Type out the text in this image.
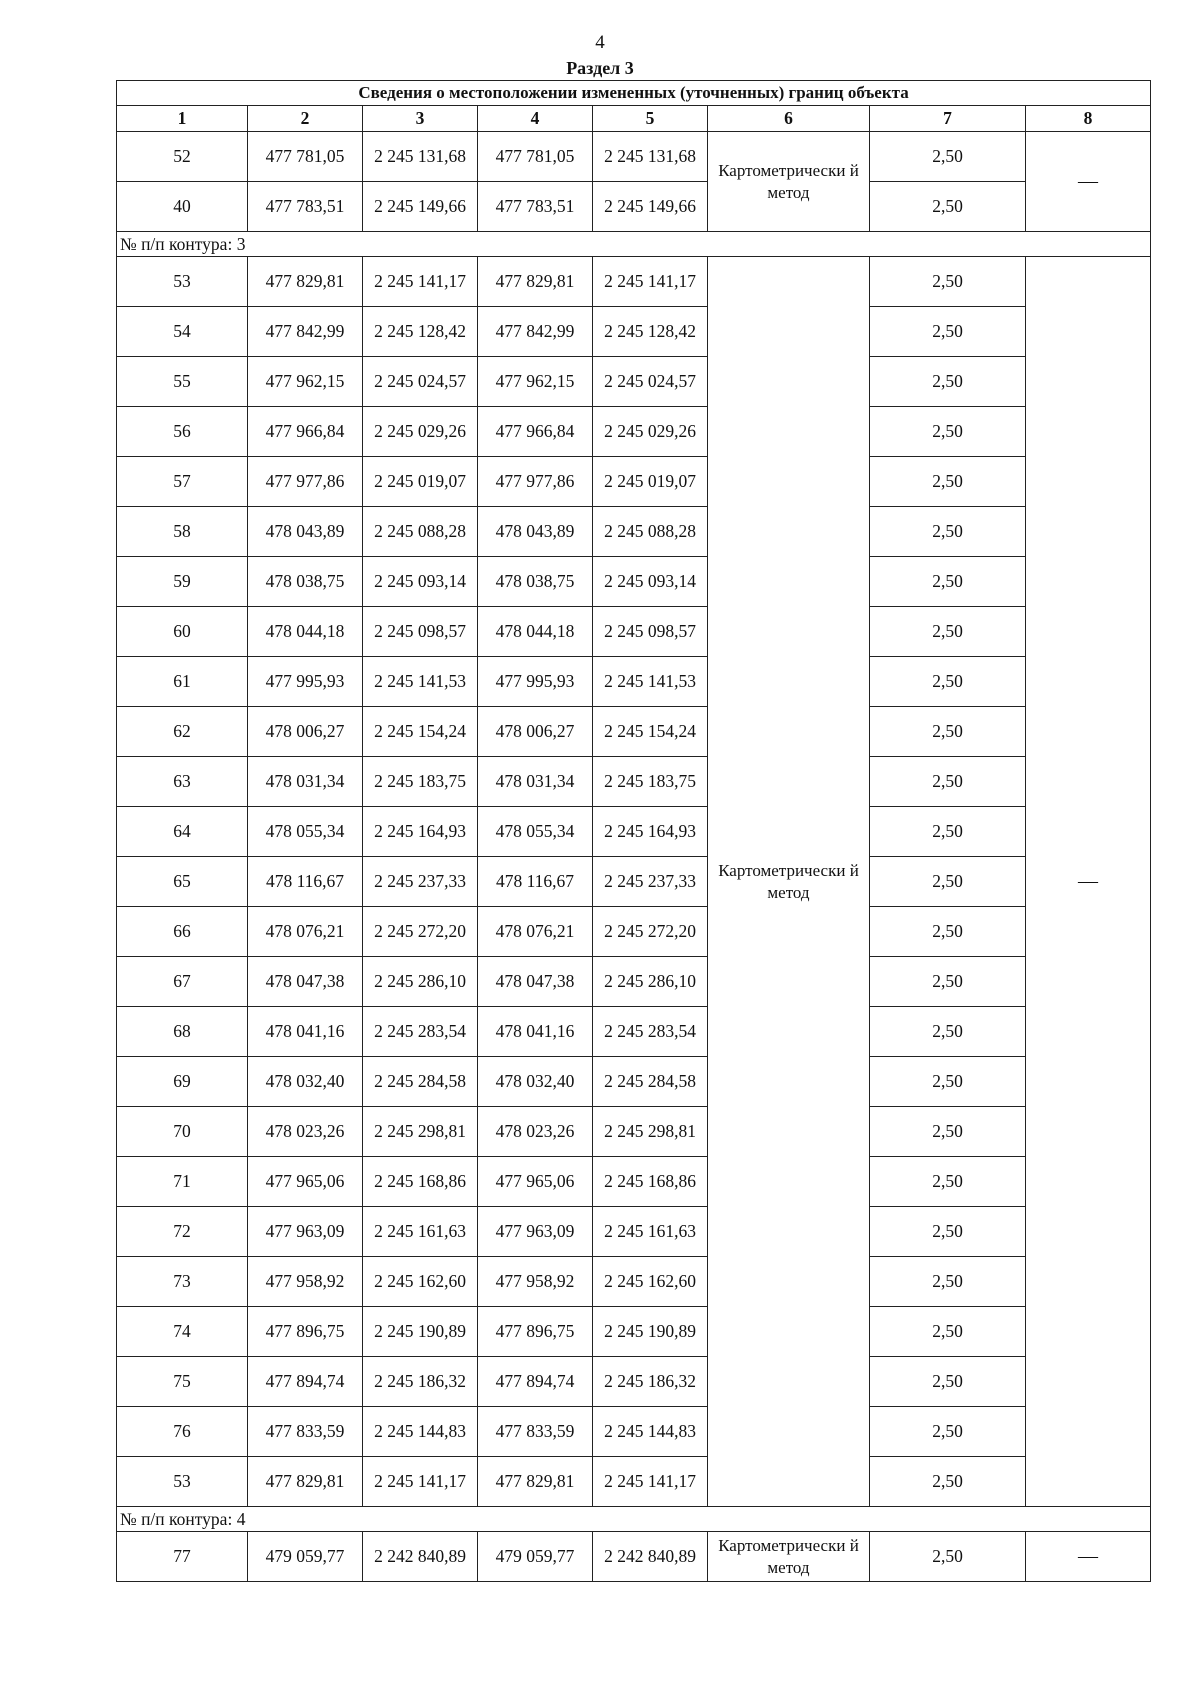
4
Раздел 3
Сведения о местоположении измененных (уточненных) границ объекта							
1	2	3	4	5	6	7	8
52	477 781,05	2 245 131,68	477 781,05	2 245 131,68	Картометрически й метод	2,50	—
40	477 783,51	2 245 149,66	477 783,51	2 245 149,66		2,50	
№ п/п контура: 3							
53	477 829,81	2 245 141,17	477 829,81	2 245 141,17	Картометрически й метод	2,50	—
54	477 842,99	2 245 128,42	477 842,99	2 245 128,42		2,50	
55	477 962,15	2 245 024,57	477 962,15	2 245 024,57		2,50	
56	477 966,84	2 245 029,26	477 966,84	2 245 029,26		2,50	
57	477 977,86	2 245 019,07	477 977,86	2 245 019,07		2,50	
58	478 043,89	2 245 088,28	478 043,89	2 245 088,28		2,50	
59	478 038,75	2 245 093,14	478 038,75	2 245 093,14		2,50	
60	478 044,18	2 245 098,57	478 044,18	2 245 098,57		2,50	
61	477 995,93	2 245 141,53	477 995,93	2 245 141,53		2,50	
62	478 006,27	2 245 154,24	478 006,27	2 245 154,24		2,50	
63	478 031,34	2 245 183,75	478 031,34	2 245 183,75		2,50	
64	478 055,34	2 245 164,93	478 055,34	2 245 164,93		2,50	
65	478 116,67	2 245 237,33	478 116,67	2 245 237,33		2,50	
66	478 076,21	2 245 272,20	478 076,21	2 245 272,20		2,50	
67	478 047,38	2 245 286,10	478 047,38	2 245 286,10		2,50	
68	478 041,16	2 245 283,54	478 041,16	2 245 283,54		2,50	
69	478 032,40	2 245 284,58	478 032,40	2 245 284,58		2,50	
70	478 023,26	2 245 298,81	478 023,26	2 245 298,81		2,50	
71	477 965,06	2 245 168,86	477 965,06	2 245 168,86		2,50	
72	477 963,09	2 245 161,63	477 963,09	2 245 161,63		2,50	
73	477 958,92	2 245 162,60	477 958,92	2 245 162,60		2,50	
74	477 896,75	2 245 190,89	477 896,75	2 245 190,89		2,50	
75	477 894,74	2 245 186,32	477 894,74	2 245 186,32		2,50	
76	477 833,59	2 245 144,83	477 833,59	2 245 144,83		2,50	
53	477 829,81	2 245 141,17	477 829,81	2 245 141,17		2,50	
№ п/п контура: 4							
77	479 059,77	2 242 840,89	479 059,77	2 242 840,89	Картометрически й метод	2,50	—
